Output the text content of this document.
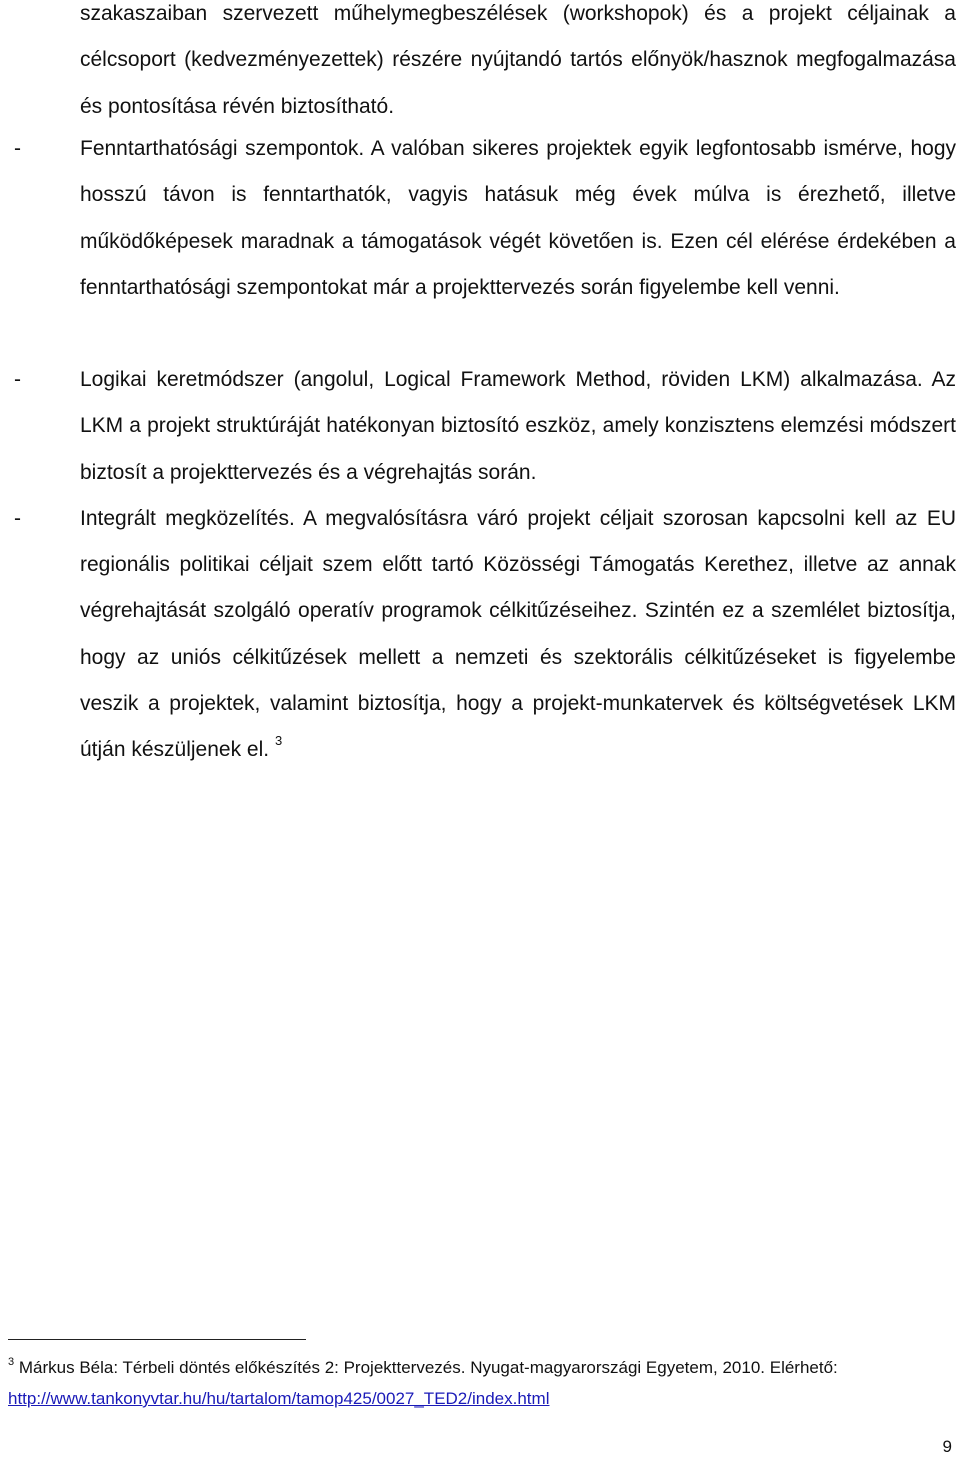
szakaszaiban szervezett műhelymegbeszélések (workshopok) és a projekt céljainak a célcsoport (kedvezményezettek) részére nyújtandó tartós előnyök/hasznok megfogalmazása és pontosítása révén biztosítható.
-	Fenntarthatósági szempontok. A valóban sikeres projektek egyik legfontosabb ismérve, hogy hosszú távon is fenntarthatók, vagyis hatásuk még évek múlva is érezhető, illetve működőképesek maradnak a támogatások végét követően is. Ezen cél elérése érdekében a fenntarthatósági szempontokat már a projekttervezés során figyelembe kell venni.
-	Logikai keretmódszer (angolul, Logical Framework Method, röviden LKM) alkalmazása. Az LKM a projekt struktúráját hatékonyan biztosító eszköz, amely konzisztens elemzési módszert biztosít a projekttervezés és a végrehajtás során.
-	Integrált megközelítés. A megvalósításra váró projekt céljait szorosan kapcsolni kell az EU regionális politikai céljait szem előtt tartó Közösségi Támogatás Kerethez, illetve az annak végrehajtását szolgáló operatív programok célkitűzéseihez. Szintén ez a szemlélet biztosítja, hogy az uniós célkitűzések mellett a nemzeti és szektorális célkitűzéseket is figyelembe veszik a projektek, valamint biztosítja, hogy a projekt-munkatervek és költségvetések LKM útján készüljenek el. $^3$
$^3$ Márkus Béla: Térbeli döntés előkészítés 2: Projekttervezés. Nyugat-magyarországi Egyetem, 2010. Elérhető:
http://www.tankonyvtar.hu/hu/tartalom/tamop425/0027_TED2/index.html
9
